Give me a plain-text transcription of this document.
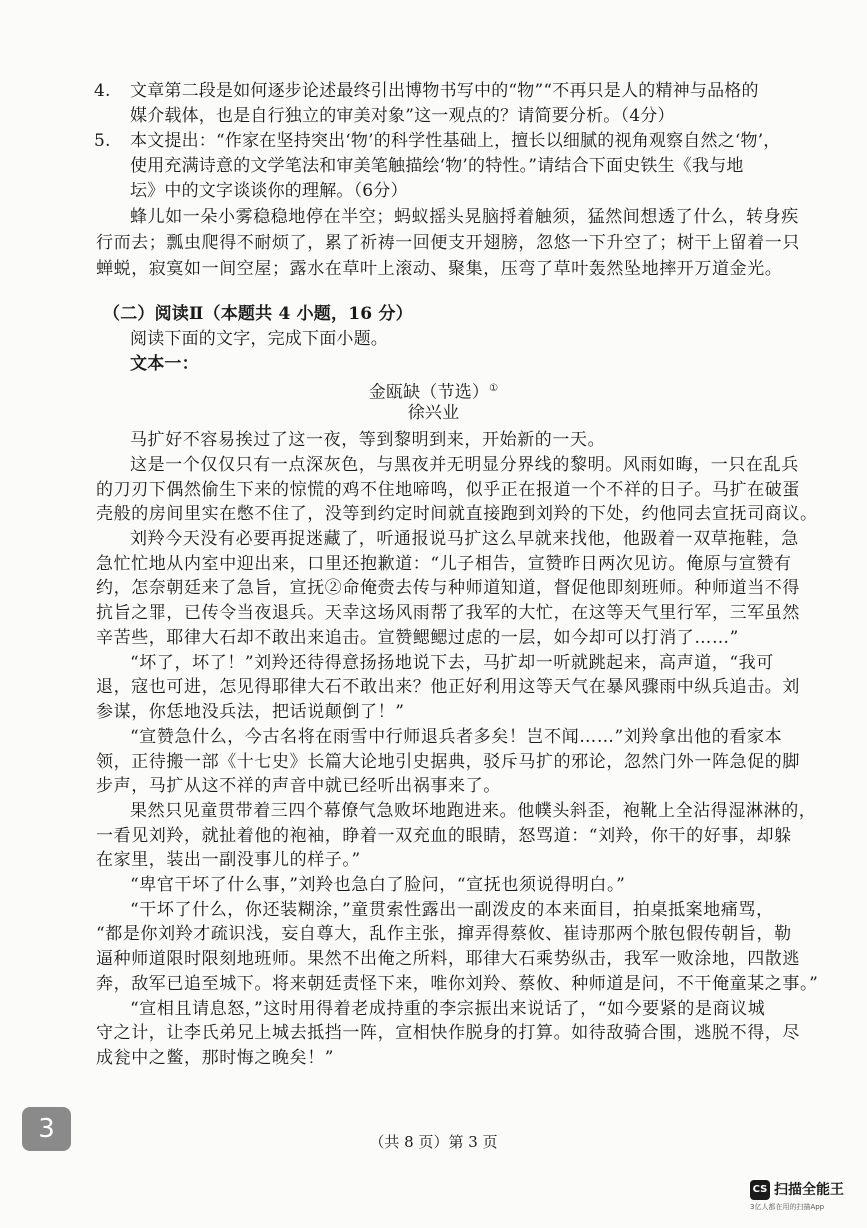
4. 文章第二段是如何逐步论述最终引出博物书写中的“物”“不再只是人的精神与品格的
媒介载体，也是自行独立的审美对象”这一观点的？请简要分析。（4分）
5. 本文提出：“作家在坚持突出‘物’的科学性基础上，擅长以细腻的视角观察自然之‘物’，
使用充满诗意的文学笔法和审美笔触描绘‘物’的特性。”请结合下面史铁生《我与地
坛》中的文字谈谈你的理解。（6分）
蜂儿如一朵小雾稳稳地停在半空；蚂蚁摇头晃脑捋着触须，猛然间想透了什么，转身疾
行而去；瓢虫爬得不耐烦了，累了祈祷一回便支开翅膀，忽悠一下升空了；树干上留着一只
蝉蜕，寂寞如一间空屋；露水在草叶上滚动、聚集，压弯了草叶轰然坠地摔开万道金光。
（二）阅读Ⅱ（本题共 4 小题，16 分）
阅读下面的文字，完成下面小题。
文本一：
金瓯缺（节选）①
徐兴业
马扩好不容易挨过了这一夜，等到黎明到来，开始新的一天。
这是一个仅仅只有一点深灰色，与黑夜并无明显分界线的黎明。风雨如晦，一只在乱兵
的刀刃下偶然偷生下来的惊慌的鸡不住地啼鸣，似乎正在报道一个不祥的日子。马扩在破蛋
壳般的房间里实在憋不住了，没等到约定时间就直接跑到刘羚的下处，约他同去宣抚司商议。
刘羚今天没有必要再捉迷藏了，听通报说马扩这么早就来找他，他趿着一双草拖鞋，急
急忙忙地从内室中迎出来，口里还抱歉道：“儿子相告，宣赞昨日两次见访。俺原与宣赞有
约，怎奈朝廷来了急旨，宣抚②命俺赍去传与种师道知道，督促他即刻班师。种师道当不得
抗旨之罪，已传令当夜退兵。天幸这场风雨帮了我军的大忙，在这等天气里行军，三军虽然
辛苦些，耶律大石却不敢出来追击。宣赞鳃鳃过虑的一层，如今却可以打消了……”
“坏了，坏了！”刘羚还待得意扬扬地说下去，马扩却一听就跳起来，高声道，“我可
退，寇也可进，怎见得耶律大石不敢出来？他正好利用这等天气在暴风骤雨中纵兵追击。刘
参谋，你恁地没兵法，把话说颠倒了！”
“宣赞急什么，今古名将在雨雪中行师退兵者多矣！岂不闻……”刘羚拿出他的看家本
领，正待搬一部《十七史》长篇大论地引史据典，驳斥马扩的邪论，忽然门外一阵急促的脚
步声，马扩从这不祥的声音中就已经听出祸事来了。
果然只见童贯带着三四个幕僚气急败坏地跑进来。他幞头斜歪，袍靴上全沾得湿淋淋的，
一看见刘羚，就扯着他的袍袖，睁着一双充血的眼睛，怒骂道：“刘羚，你干的好事，却躲
在家里，装出一副没事儿的样子。”
“卑官干坏了什么事，”刘羚也急白了脸问，“宣抚也须说得明白。”
“干坏了什么，你还装糊涂，”童贯索性露出一副泼皮的本来面目，拍桌抵案地痛骂，
“都是你刘羚才疏识浅，妄自尊大，乱作主张，撺弄得蔡攸、崔诗那两个脓包假传朝旨，勒
逼种师道限时限刻地班师。果然不出俺之所料，耶律大石乘势纵击，我军一败涂地，四散逃
奔，敌军已追至城下。将来朝廷责怪下来，唯你刘羚、蔡攸、种师道是问，不干俺童某之事。”
“宣相且请息怒，”这时用得着老成持重的李宗振出来说话了，“如今要紧的是商议城
守之计，让李氏弟兄上城去抵挡一阵，宣相快作脱身的打算。如待敌骑合围，逃脱不得，尽
成瓮中之鳖，那时悔之晚矣！”
（共 8 页）第 3 页
3
CS 扫描全能王
3亿人都在用的扫描App
